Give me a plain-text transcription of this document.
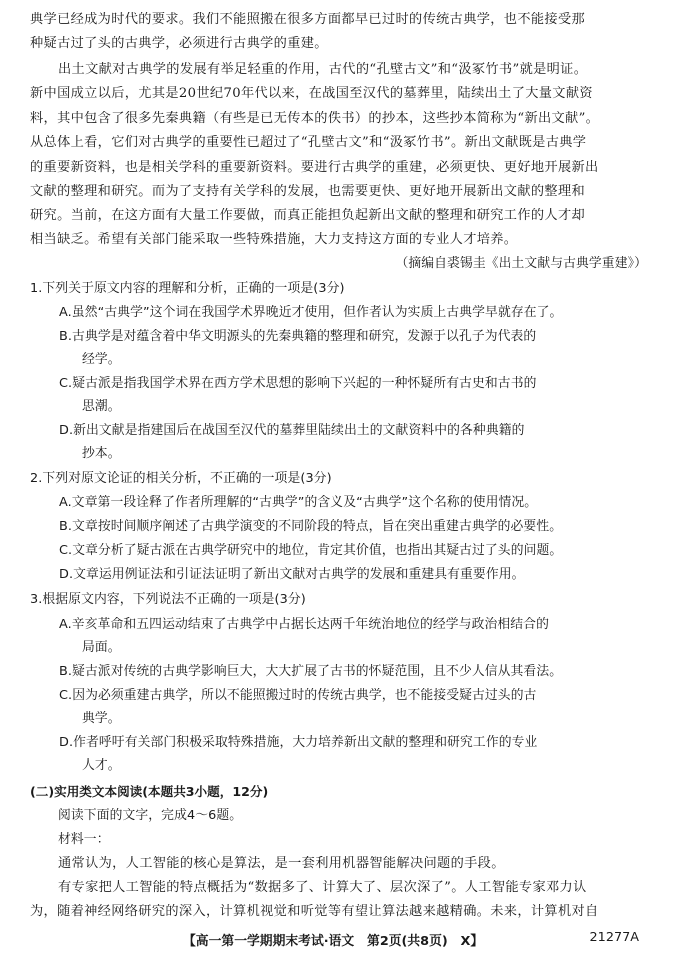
典学已经成为时代的要求。我们不能照搬在很多方面都早已过时的传统古典学，也不能接受那
种疑古过了头的古典学，必须进行古典学的重建。
出土文献对古典学的发展有举足轻重的作用，古代的“孔壁古文”和“汲冢竹书”就是明证。
新中国成立以后，尤其是20世纪70年代以来，在战国至汉代的墓葬里，陆续出土了大量文献资
料，其中包含了很多先秦典籍（有些是已无传本的佚书）的抄本，这些抄本简称为“新出文献”。
从总体上看，它们对古典学的重要性已超过了“孔壁古文”和“汲冢竹书”。新出文献既是古典学
的重要新资料，也是相关学科的重要新资料。要进行古典学的重建，必须更快、更好地开展新出
文献的整理和研究。而为了支持有关学科的发展，也需要更快、更好地开展新出文献的整理和
研究。当前，在这方面有大量工作要做，而真正能担负起新出文献的整理和研究工作的人才却
相当缺乏。希望有关部门能采取一些特殊措施，大力支持这方面的专业人才培养。
（摘编自裘锡圭《出土文献与古典学重建》）
1.下列关于原文内容的理解和分析，正确的一项是(3分)
A.虽然“古典学”这个词在我国学术界晚近才使用，但作者认为实质上古典学早就存在了。
B.古典学是对蕴含着中华文明源头的先秦典籍的整理和研究，发源于以孔子为代表的
经学。
C.疑古派是指我国学术界在西方学术思想的影响下兴起的一种怀疑所有古史和古书的
思潮。
D.新出文献是指建国后在战国至汉代的墓葬里陆续出土的文献资料中的各种典籍的
抄本。
2.下列对原文论证的相关分析，不正确的一项是(3分)
A.文章第一段诠释了作者所理解的“古典学”的含义及“古典学”这个名称的使用情况。
B.文章按时间顺序阐述了古典学演变的不同阶段的特点，旨在突出重建古典学的必要性。
C.文章分析了疑古派在古典学研究中的地位，肯定其价值，也指出其疑古过了头的问题。
D.文章运用例证法和引证法证明了新出文献对古典学的发展和重建具有重要作用。
3.根据原文内容，下列说法不正确的一项是(3分)
A.辛亥革命和五四运动结束了古典学中占据长达两千年统治地位的经学与政治相结合的
局面。
B.疑古派对传统的古典学影响巨大，大大扩展了古书的怀疑范围，且不少人信从其看法。
C.因为必须重建古典学，所以不能照搬过时的传统古典学，也不能接受疑古过头的古
典学。
D.作者呼吁有关部门积极采取特殊措施，大力培养新出文献的整理和研究工作的专业
人才。
(二)实用类文本阅读(本题共3小题，12分)
阅读下面的文字，完成4～6题。
材料一：
通常认为，人工智能的核心是算法，是一套利用机器智能解决问题的手段。
有专家把人工智能的特点概括为“数据多了、计算大了、层次深了”。人工智能专家邓力认
为，随着神经网络研究的深入，计算机视觉和听觉等有望让算法越来越精确。未来，计算机对自
【高一第一学期期末考试·语文　第2页(共8页)　X】	21277A
